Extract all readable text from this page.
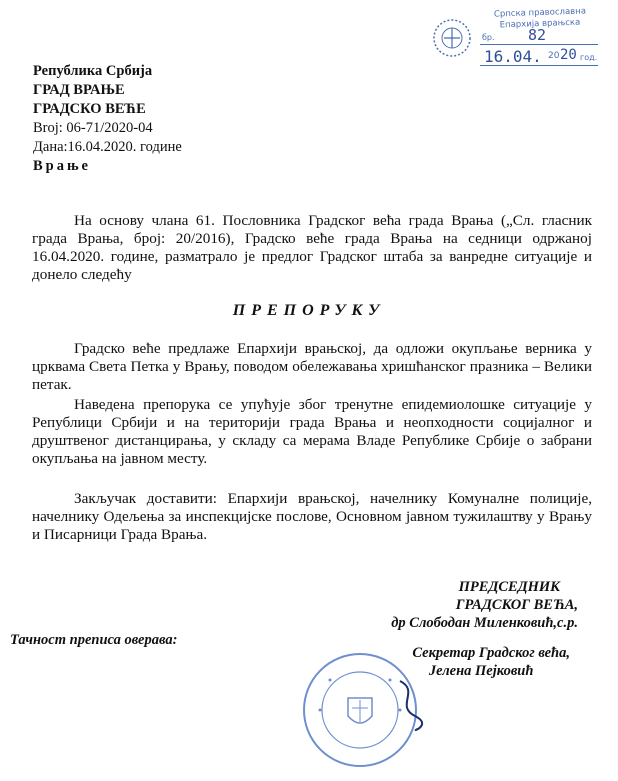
Српска православна
Епархија врањска
бр. 82
16.04. 20 20 год.
Република Србија
ГРАД ВРАЊЕ
ГРАДСКО ВЕЋЕ
Broj: 06-71/2020-04
Дана:16.04.2020. године
Врање
На основу члана 61. Пословника Градског већа града Врања („Сл. гласник града Врања, број: 20/2016), Градско веће града Врања на седници одржаној 16.04.2020. године, разматрало је предлог Градског штаба за ванредне ситуације и донело следећу
ПРЕПОРУКУ
Градско веће предлаже Епархији врањској, да одложи окупљање верника у црквама Света Петка у Врању, поводом обележавања хришћанског празника – Велики петак.
Наведена препорука се упућује због тренутне епидемиолошке ситуације у Републици Србији и на територији града Врања и неопходности социјалног и друштвеног дистанцирања, у складу са мерама Владе Републике Србије о забрани окупљања на јавном месту.
Закључак доставити: Епархији врањској, начелнику Комуналне полиције, начелнику Одељења за инспекцијске послове, Основном јавном тужилаштву у Врању и Писарници Града Врања.
ПРЕДСЕДНИК
ГРАДСКОГ ВЕЋА,
др Слободан Миленковић,с.р.
Тачност преписа оверава:
Секретар Градског већа,
Јелена Пејковић
